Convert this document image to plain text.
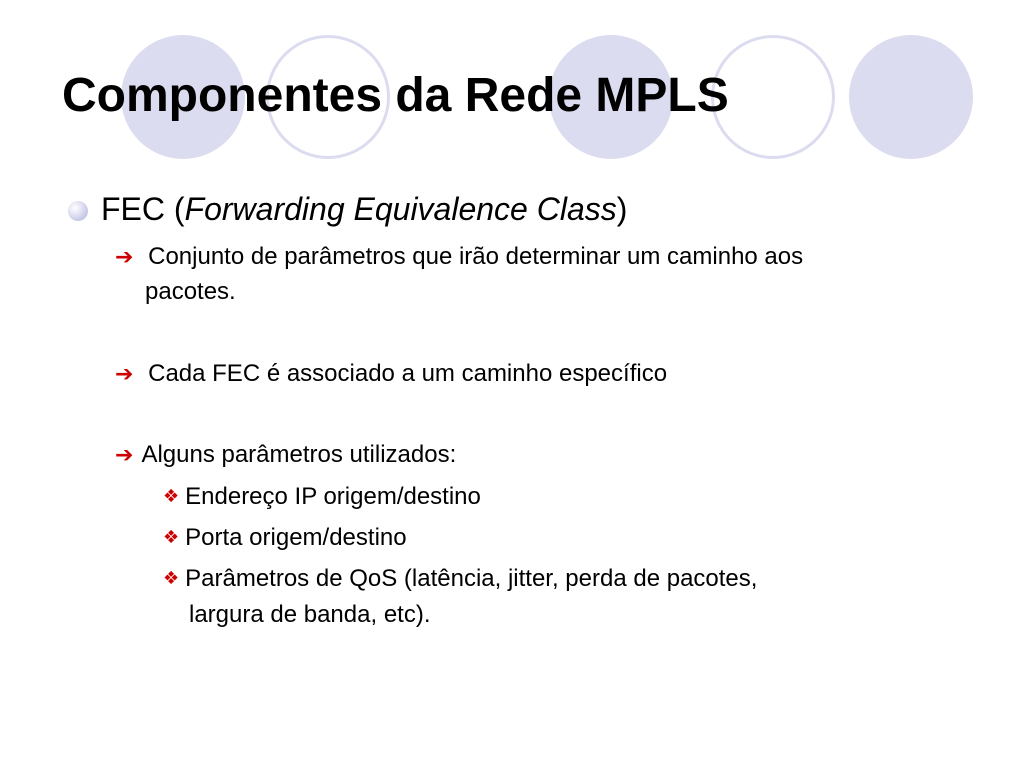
Componentes da Rede MPLS
FEC (Forwarding Equivalence Class)
➔ Conjunto de parâmetros que irão determinar um caminho aos
pacotes.
➔ Cada FEC é associado a um caminho específico
➔ Alguns parâmetros utilizados:
❖ Endereço IP origem/destino
❖ Porta origem/destino
❖ Parâmetros de QoS (latência, jitter, perda de pacotes,
largura de banda, etc).
